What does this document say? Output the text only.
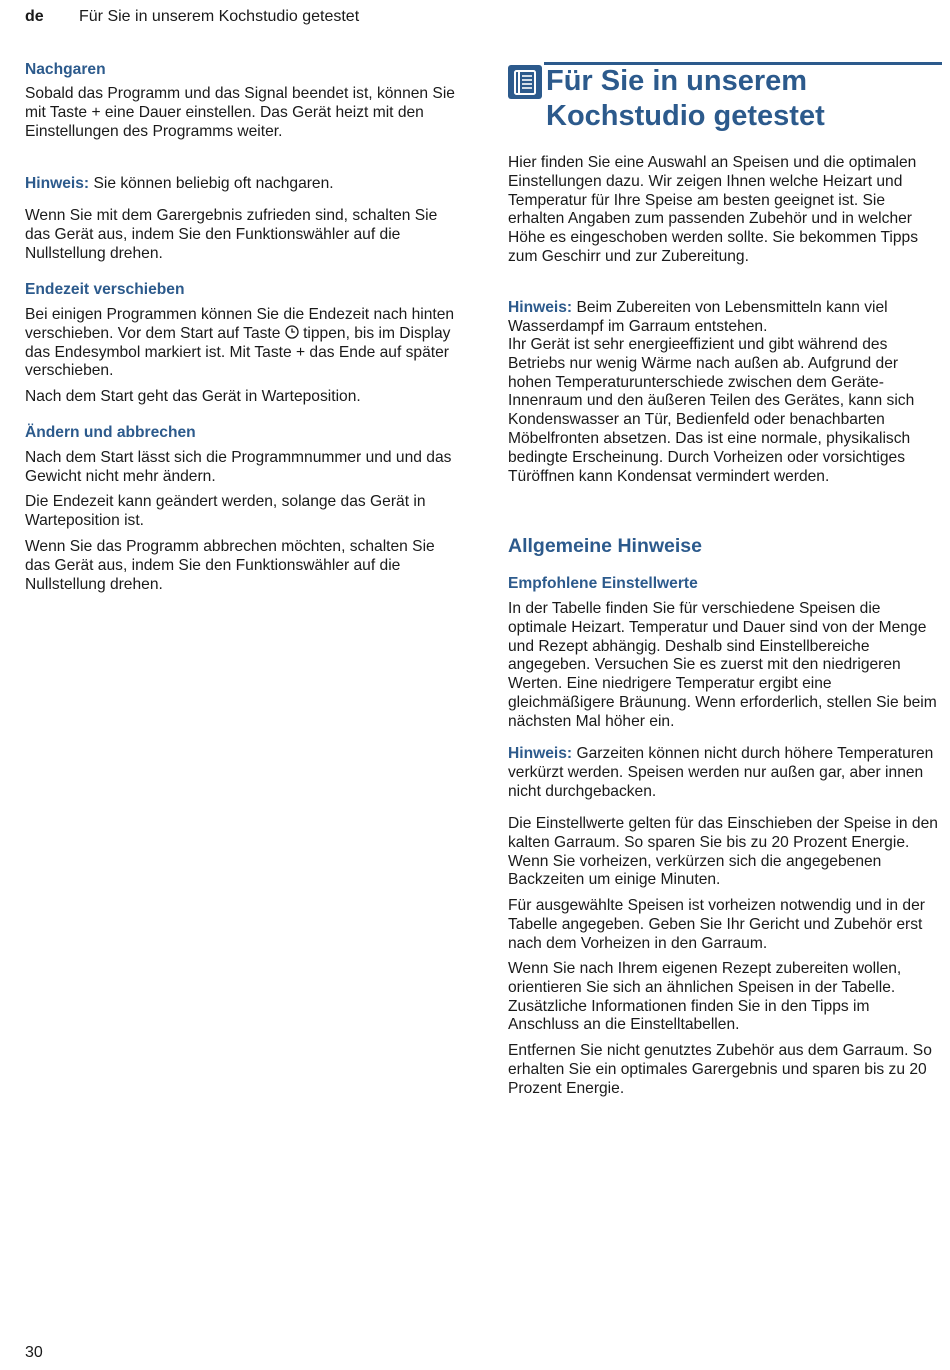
de Für Sie in unserem Kochstudio getestet
Nachgaren

Sobald das Programm und das Signal beendet ist, können Sie mit Taste + eine Dauer einstellen. Das Gerät heizt mit den Einstellungen des Programms weiter.

Hinweis: Sie können beliebig oft nachgaren.

Wenn Sie mit dem Garergebnis zufrieden sind, schalten Sie das Gerät aus, indem Sie den Funktionswähler auf die Nullstellung drehen.

Endezeit verschieben

Bei einigen Programmen können Sie die Endezeit nach hinten verschieben. Vor dem Start auf Taste  tippen, bis im Display das Endesymbol markiert ist. Mit Taste + das Ende auf später verschieben.

Nach dem Start geht das Gerät in Warteposition.

Ändern und abbrechen

Nach dem Start lässt sich die Programmnummer und und das Gewicht nicht mehr ändern.

Die Endezeit kann geändert werden, solange das Gerät in Warteposition ist.

Wenn Sie das Programm abbrechen möchten, schalten Sie das Gerät aus, indem Sie den Funktionswähler auf die Nullstellung drehen.

Für Sie in unserem
Kochstudio getestet

Hier finden Sie eine Auswahl an Speisen und die optimalen Einstellungen dazu. Wir zeigen Ihnen welche Heizart und Temperatur für Ihre Speise am besten geeignet ist. Sie erhalten Angaben zum passenden Zubehör und in welcher Höhe es eingeschoben werden sollte. Sie bekommen Tipps zum Geschirr und zur Zubereitung.

Hinweis: Beim Zubereiten von Lebensmitteln kann viel Wasserdampf im Garraum entstehen.

Ihr Gerät ist sehr energieeffizient und gibt während des Betriebs nur wenig Wärme nach außen ab. Aufgrund der hohen Temperaturunterschiede zwischen dem Geräte-Innenraum und den äußeren Teilen des Gerätes, kann sich Kondenswasser an Tür, Bedienfeld oder benachbarten Möbelfronten absetzen. Das ist eine normale, physikalisch bedingte Erscheinung. Durch Vorheizen oder vorsichtiges Türöffnen kann Kondensat vermindert werden.

Allgemeine Hinweise
Empfohlene Einstellwerte

In der Tabelle finden Sie für verschiedene Speisen die optimale Heizart. Temperatur und Dauer sind von der Menge und Rezept abhängig. Deshalb sind Einstellbereiche angegeben. Versuchen Sie es zuerst mit den niedrigeren Werten. Eine niedrigere Temperatur ergibt eine gleichmäßigere Bräunung. Wenn erforderlich, stellen Sie beim nächsten Mal höher ein.

Hinweis: Garzeiten können nicht durch höhere Temperaturen verkürzt werden. Speisen werden nur außen gar, aber innen nicht durchgebacken.

Die Einstellwerte gelten für das Einschieben der Speise in den kalten Garraum. So sparen Sie bis zu 20 Prozent Energie. Wenn Sie vorheizen, verkürzen sich die angegebenen Backzeiten um einige Minuten.

Für ausgewählte Speisen ist vorheizen notwendig und in der Tabelle angegeben. Geben Sie Ihr Gericht und Zubehör erst nach dem Vorheizen in den Garraum.

Wenn Sie nach Ihrem eigenen Rezept zubereiten wollen, orientieren Sie sich an ähnlichen Speisen in der Tabelle. Zusätzliche Informationen finden Sie in den Tipps im Anschluss an die Einstelltabellen.

Entfernen Sie nicht genutztes Zubehör aus dem Garraum. So erhalten Sie ein optimales Garergebnis und sparen bis zu 20 Prozent Energie.

30
